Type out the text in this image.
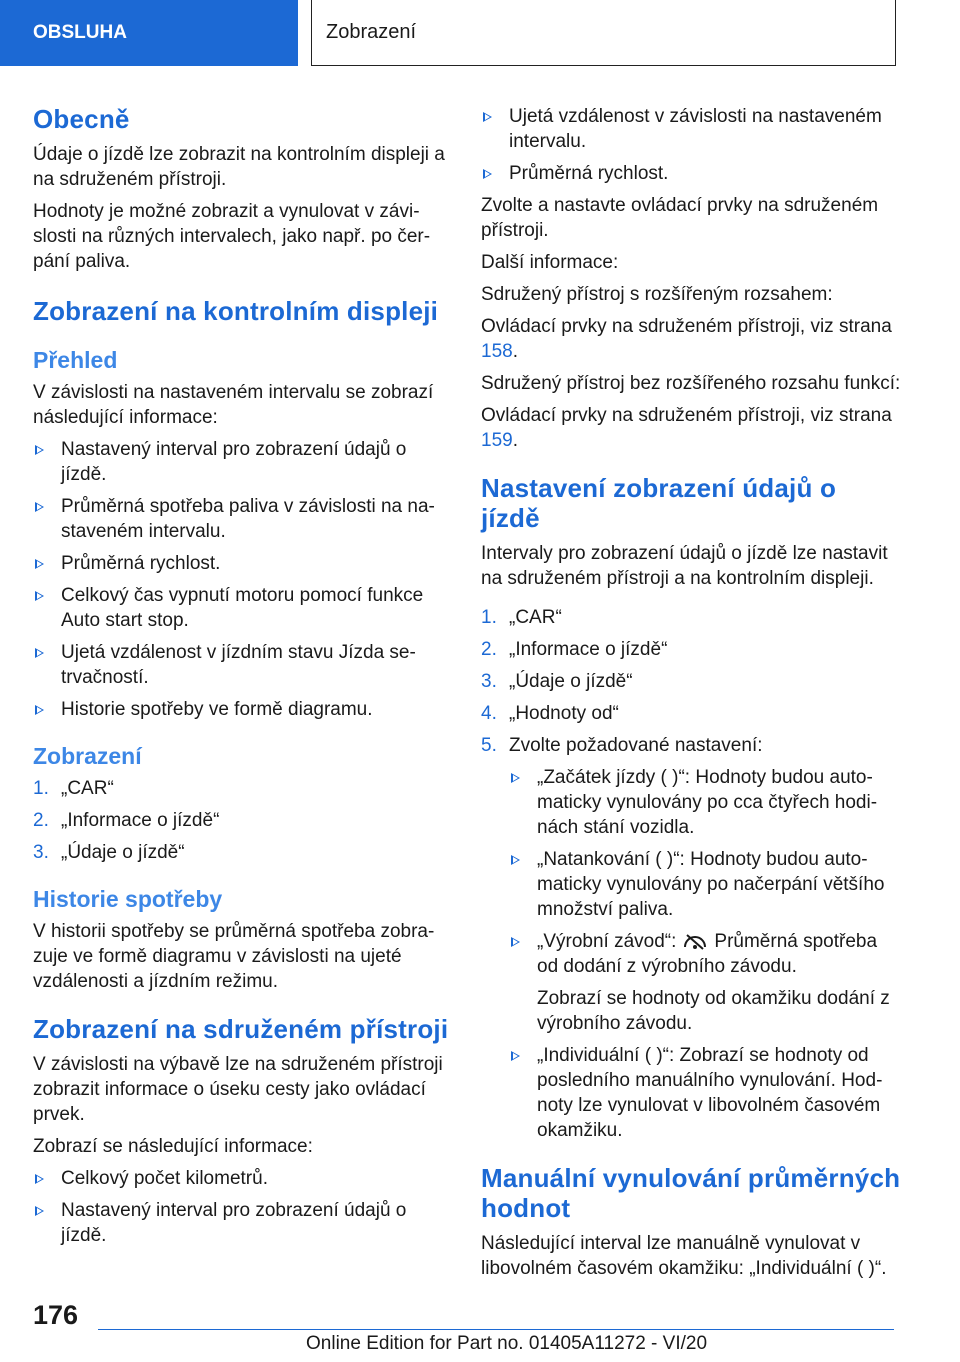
OBSLUHA	Zobrazení
Obecně

Údaje o jízdě lze zobrazit na kontrolním displeji a na sdruženém přístroji.

Hodnoty je možné zobrazit a vynulovat v závislosti na různých intervalech, jako např. po čerpání paliva.

Zobrazení na kontrolním displeji
Přehled

V závislosti na nastaveném intervalu se zobrazí následující informace:

Nastavený interval pro zobrazení údajů o jízdě.
Průměrná spotřeba paliva v závislosti na nastaveném intervalu.
Průměrná rychlost.
Celkový čas vypnutí motoru pomocí funkce Auto start stop.
Ujetá vzdálenost v jízdním stavu Jízda setrvačností.
Historie spotřeby ve formě diagramu.
Zobrazení
1. „CAR“
2. „Informace o jízdě“
3. „Údaje o jízdě“
Historie spotřeby

V historii spotřeby se průměrná spotřeba zobrazuje ve formě diagramu v závislosti na ujeté vzdálenosti a jízdním režimu.

Zobrazení na sdruženém přístroji

V závislosti na výbavě lze na sdruženém přístroji zobrazit informace o úseku cesty jako ovládací prvek.

Zobrazí se následující informace:

Celkový počet kilometrů.
Nastavený interval pro zobrazení údajů o jízdě.
Ujetá vzdálenost v závislosti na nastaveném intervalu.
Průměrná rychlost.

Zvolte a nastavte ovládací prvky na sdruženém přístroji.

Další informace:

Sdružený přístroj s rozšířeným rozsahem:

Ovládací prvky na sdruženém přístroji, viz strana 158.

Sdružený přístroj bez rozšířeného rozsahu funkcí:

Ovládací prvky na sdruženém přístroji, viz strana 159.

Nastavení zobrazení údajů o jízdě

Intervaly pro zobrazení údajů o jízdě lze nastavit na sdruženém přístroji a na kontrolním displeji.

1. „CAR“
2. „Informace o jízdě“
3. „Údaje o jízdě“
4. „Hodnoty od“
5. Zvolte požadované nastavení:
„Začátek jízdy ( )“: Hodnoty budou automaticky vynulovány po cca čtyřech hodinách stání vozidla.
„Natankování ( )“: Hodnoty budou automaticky vynulovány po načerpání většího množství paliva.
„Výrobní závod“: Průměrná spotřeba od dodání z výrobního závodu.

Zobrazí se hodnoty od okamžiku dodání z výrobního závodu.

„Individuální ( )“: Zobrazí se hodnoty od posledního manuálního vynulování. Hodnoty lze vynulovat v libovolném časovém okamžiku.
Manuální vynulování průměrných hodnot

Následující interval lze manuálně vynulovat v libovolném časovém okamžiku: „Individuální ( )“.

176
Online Edition for Part no. 01405A11272 - VI/20
